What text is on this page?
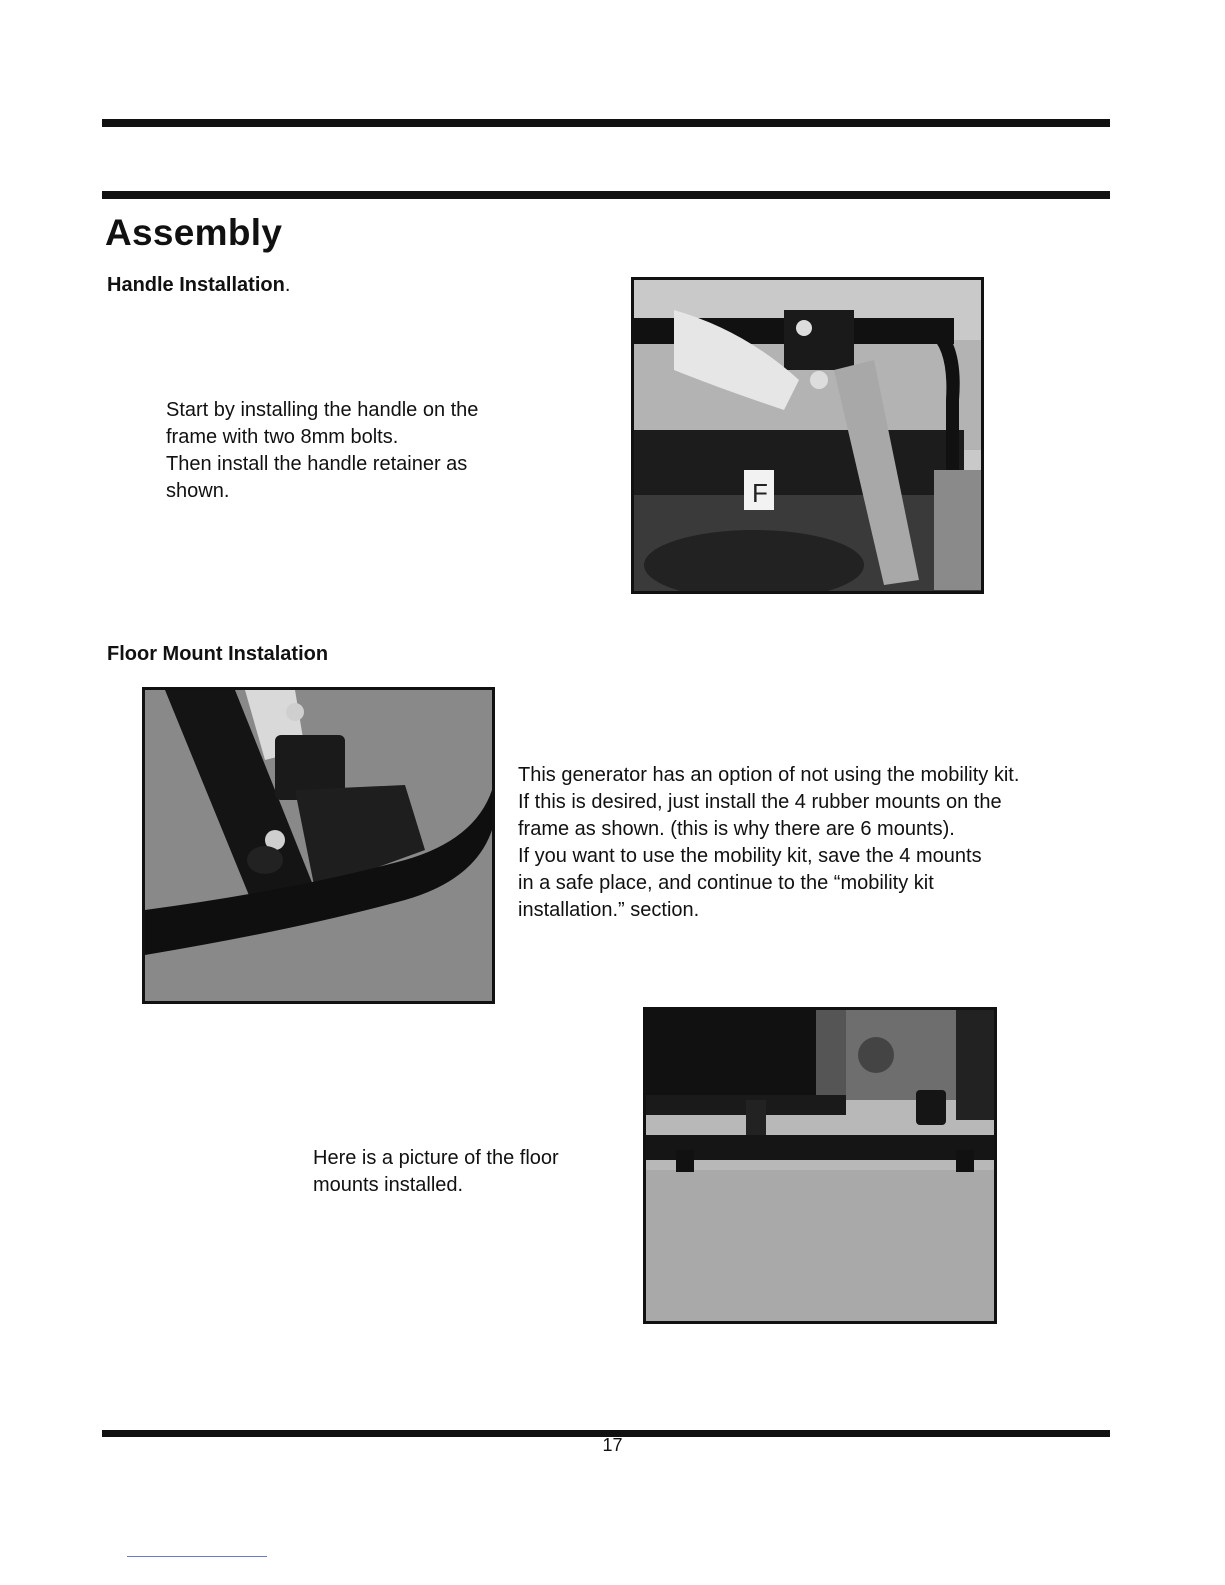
Assembly
Handle Installation.

Start by installing the handle on the

frame with two 8mm bolts.

Then install the handle retainer as

shown.	F
Floor Mount Instalation

This generator has an option of not using the mobility kit.

If this is desired, just install the 4 rubber mounts on the

frame as shown. (this is why there are 6 mounts).

If you want to use the mobility kit, save the 4 mounts

in a safe place, and continue to the “mobility kit

installation.” section.

Here is a picture of the floor

mounts installed.

17
